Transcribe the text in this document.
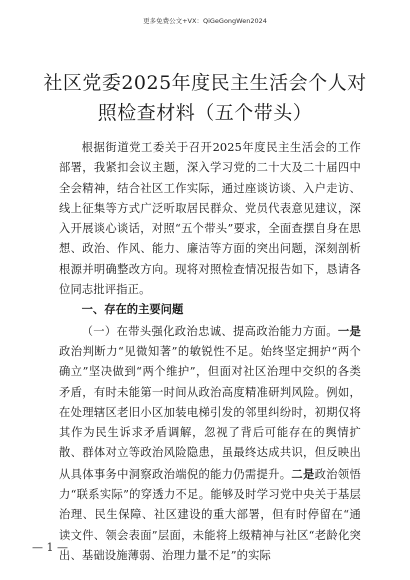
更多免费公文+VX：QiGeGongWen2024
社区党委2025年度民主生活会个人对照检查材料（五个带头）

根据街道党工委关于召开2025年度民主生活会的工作部署，我紧扣会议主题，深入学习党的二十大及二十届四中全会精神，结合社区工作实际，通过座谈访谈、入户走访、线上征集等方式广泛听取居民群众、党员代表意见建议，深入开展谈心谈话，对照“五个带头”要求，全面查摆自身在思想、政治、作风、能力、廉洁等方面的突出问题，深刻剖析根源并明确整改方向。现将对照检查情况报告如下，恳请各位同志批评指正。

一、存在的主要问题

（一）在带头强化政治忠诚、提高政治能力方面。一是政治判断力“见微知著”的敏锐性不足。始终坚定拥护“两个确立”坚决做到“两个维护”，但面对社区治理中交织的各类矛盾，有时未能第一时间从政治高度精准研判风险。例如，在处理辖区老旧小区加装电梯引发的邻里纠纷时，初期仅将其作为民生诉求矛盾调解，忽视了背后可能存在的舆情扩散、群体对立等政治风险隐患，虽最终达成共识，但反映出从具体事务中洞察政治端倪的能力仍需提升。二是政治领悟力“联系实际”的穿透力不足。能够及时学习党中央关于基层治理、民生保障、社区建设的重大部署，但有时停留在“通读文件、领会表面”层面，未能将上级精神与社区“老龄化突出、基础设施薄弱、治理力量不足”的实际

— 1 —
